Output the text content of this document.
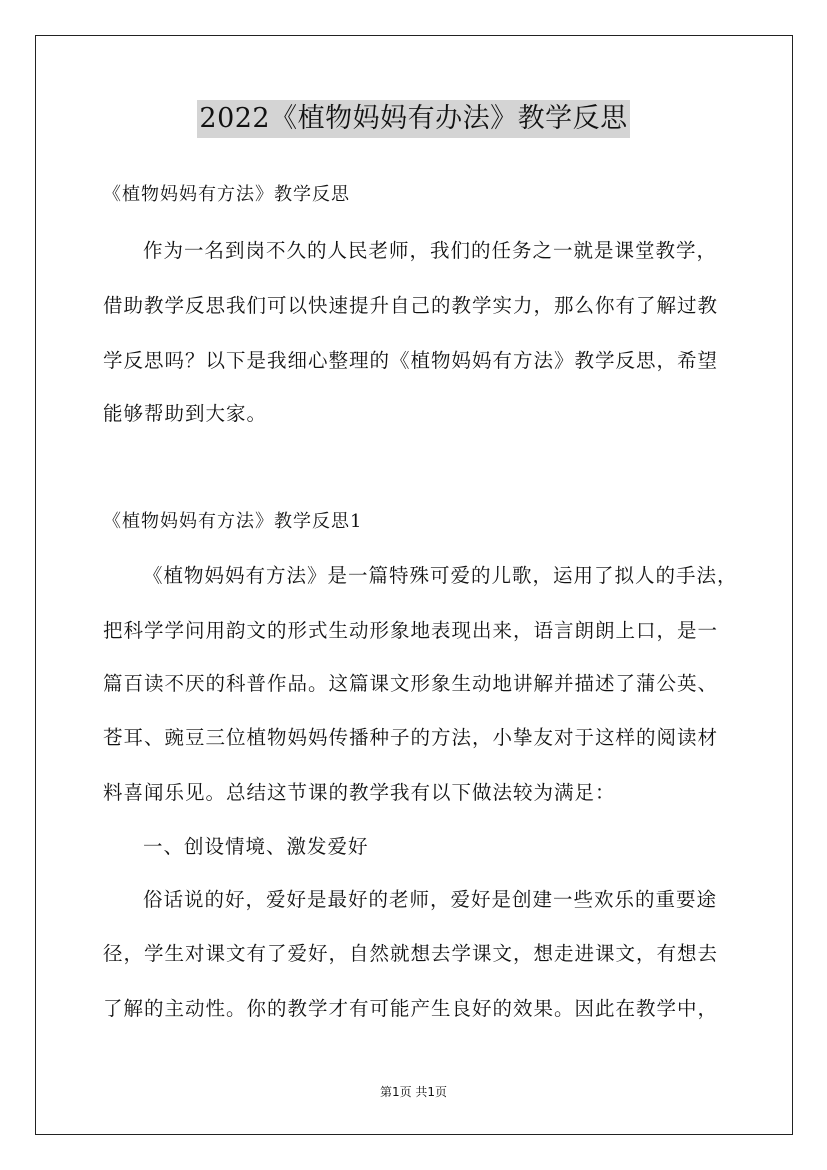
2022《植物妈妈有办法》教学反思
《植物妈妈有方法》教学反思
作为一名到岗不久的人民老师，我们的任务之一就是课堂教学，
借助教学反思我们可以快速提升自己的教学实力，那么你有了解过教
学反思吗？以下是我细心整理的《植物妈妈有方法》教学反思，希望
能够帮助到大家。
《植物妈妈有方法》教学反思1
《植物妈妈有方法》是一篇特殊可爱的儿歌，运用了拟人的手法，
把科学学问用韵文的形式生动形象地表现出来，语言朗朗上口，是一
篇百读不厌的科普作品。这篇课文形象生动地讲解并描述了蒲公英、
苍耳、豌豆三位植物妈妈传播种子的方法，小挚友对于这样的阅读材
料喜闻乐见。总结这节课的教学我有以下做法较为满足：
一、创设情境、激发爱好
俗话说的好，爱好是最好的老师，爱好是创建一些欢乐的重要途
径，学生对课文有了爱好，自然就想去学课文，想走进课文，有想去
了解的主动性。你的教学才有可能产生良好的效果。因此在教学中，
第1页 共1页
